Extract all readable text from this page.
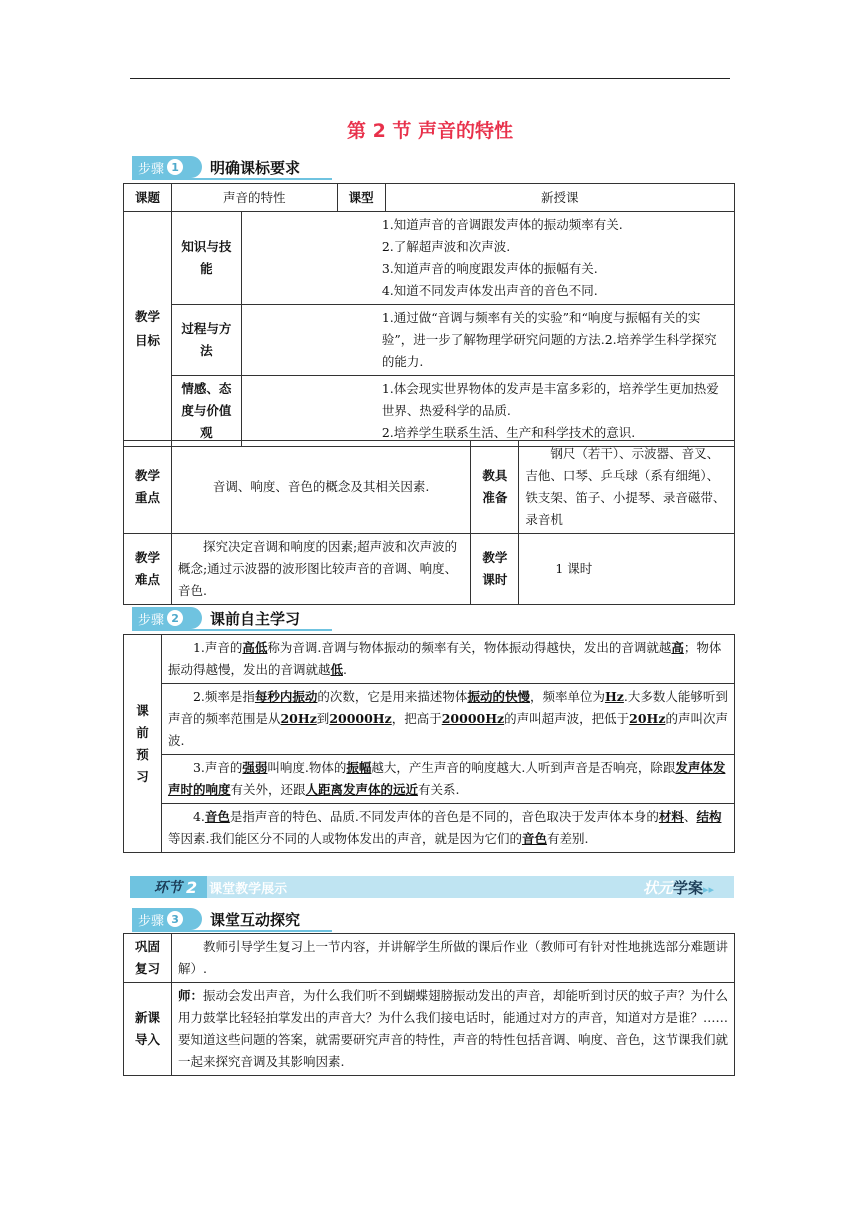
第 2 节 声音的特性
步骤 1 明确课标要求
课题	声音的特性		课型	新授课
教学目标	知识与技能	1.知道声音的音调跟发声体的振动频率有关.
2.了解超声波和次声波.
3.知道声音的响度跟发声体的振幅有关.
4.知道不同发声体发出声音的音色不同.		

	过程与方法	1.通过做“音调与频率有关的实验”和“响度与振幅有关的实验”，进一步了解物理学研究问题的方法.2.培养学生科学探究的能力.		
	情感、态度与价值观	1.体会现实世界物体的发声是丰富多彩的，培养学生更加热爱世界、热爱科学的品质.
2.培养学生联系生活、生产和科学技术的意识.		
教学重点	音调、响度、音色的概念及其相关因素.	教具准备	钢尺（若干）、示波器、音叉、吉他、口琴、乒乓球（系有细绳）、铁支架、笛子、小提琴、录音磁带、录音机
教学难点	探究决定音调和响度的因素;超声波和次声波的概念;通过示波器的波形图比较声音的音调、响度、音色.	教学课时	1 课时
步骤 2 课前自主学习
课前预习	1.声音的高低称为音调.音调与物体振动的频率有关，物体振动得越快，发出的音调就越高；物体振动得越慢，发出的音调就越低.
2.频率是指每秒内振动的次数，它是用来描述物体振动的快慢，频率单位为Hz.大多数人能够听到声音的频率范围是从20Hz到20000Hz，把高于20000Hz的声叫超声波，把低于20Hz的声叫次声波.
3.声音的强弱叫响度.物体的振幅越大，产生声音的响度越大.人听到声音是否响亮，除跟发声体发声时的响度有关外，还跟人距离发声体的远近有关系.
4.音色是指声音的特色、品质.不同发声体的音色是不同的，音色取决于发声体本身的材料、结构等因素.我们能区分不同的人或物体发出的声音，就是因为它们的音色有差别.
环节 2 课堂教学展示	状元学案▸▸
步骤 3 课堂互动探究
巩固复习	教师引导学生复习上一节内容，并讲解学生所做的课后作业（教师可有针对性地挑选部分难题讲解）.
新课导入	师：振动会发出声音，为什么我们听不到蝴蝶翅膀振动发出的声音，却能听到讨厌的蚊子声？为什么用力鼓掌比轻轻拍掌发出的声音大？为什么我们接电话时，能通过对方的声音，知道对方是谁？……要知道这些问题的答案，就需要研究声音的特性，声音的特性包括音调、响度、音色，这节课我们就一起来探究音调及其影响因素.
